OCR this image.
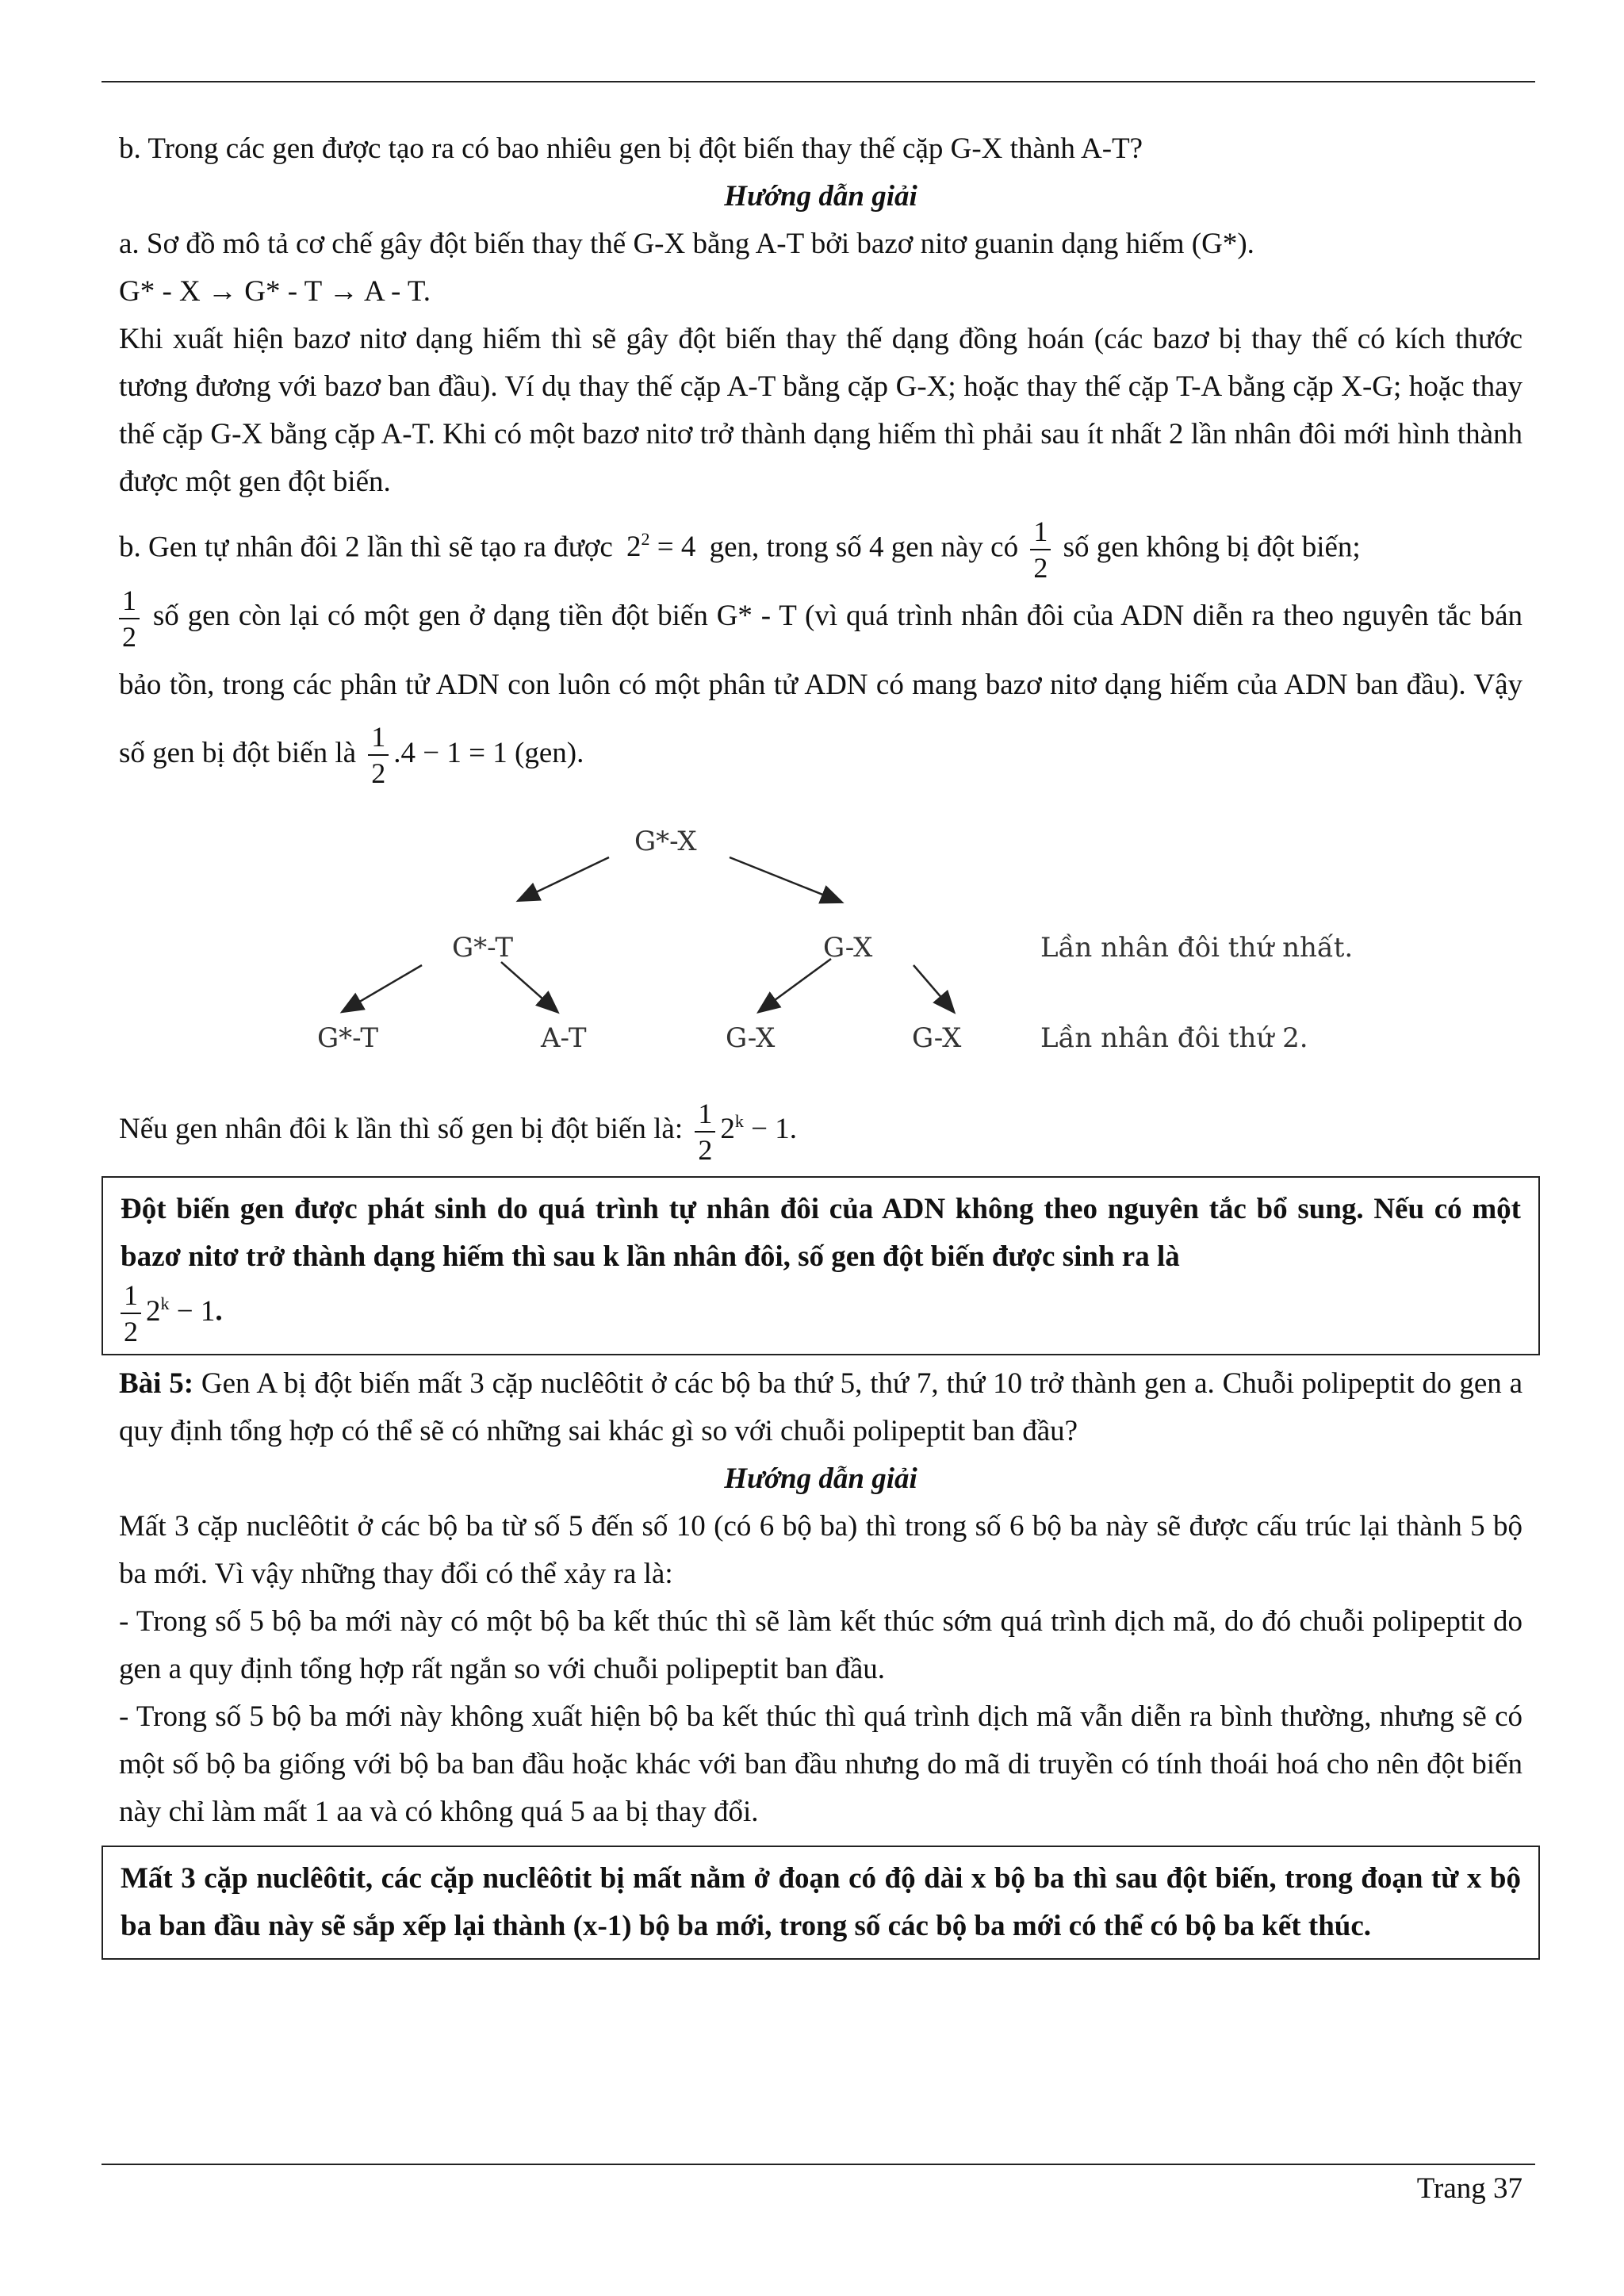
b. Trong các gen được tạo ra có bao nhiêu gen bị đột biến thay thế cặp G-X thành A-T?

Hướng dẫn giải

a. Sơ đồ mô tả cơ chế gây đột biến thay thế G-X bằng A-T bởi bazơ nitơ guanin dạng hiếm (G*).

G* - X → G* - T → A - T.

Khi xuất hiện bazơ nitơ dạng hiếm thì sẽ gây đột biến thay thế dạng đồng hoán (các bazơ bị thay thế có kích thước tương đương với bazơ ban đầu). Ví dụ thay thế cặp A-T bằng cặp G-X; hoặc thay thế cặp T-A bằng cặp X-G; hoặc thay thế cặp G-X bằng cặp A-T. Khi có một bazơ nitơ trở thành dạng hiếm thì phải sau ít nhất 2 lần nhân đôi mới hình thành được một gen đột biến.

b. Gen tự nhân đôi 2 lần thì sẽ tạo ra được $2^2 = 4$ gen, trong số 4 gen này có $\frac{1}{2}$ số gen không bị đột biến;

$\frac{1}{2}$ số gen còn lại có một gen ở dạng tiền đột biến G* - T (vì quá trình nhân đôi của ADN diễn ra theo nguyên tắc bán bảo tồn, trong các phân tử ADN con luôn có một phân tử ADN có mang bazơ nitơ dạng hiếm của ADN ban đầu). Vậy số gen bị đột biến là $\frac{1}{2} .4 - 1 = 1$ (gen).

G*-X
G*-T	G-X
G*-T	A-T	G-X	G-X
Lần nhân đôi thứ nhất.
Lần nhân đôi thứ 2.

Nếu gen nhân đôi k lần thì số gen bị đột biến là: $\frac{1}{2} 2^k - 1$.

Đột biến gen được phát sinh do quá trình tự nhân đôi của ADN không theo nguyên tắc bổ sung. Nếu có một bazơ nitơ trở thành dạng hiếm thì sau k lần nhân đôi, số gen đột biến được sinh ra là

$\frac{1}{2} 2^k - 1$.

Bài 5: Gen A bị đột biến mất 3 cặp nuclêôtit ở các bộ ba thứ 5, thứ 7, thứ 10 trở thành gen a. Chuỗi polipeptit do gen a quy định tổng hợp có thể sẽ có những sai khác gì so với chuỗi polipeptit ban đầu?

Hướng dẫn giải

Mất 3 cặp nuclêôtit ở các bộ ba từ số 5 đến số 10 (có 6 bộ ba) thì trong số 6 bộ ba này sẽ được cấu trúc lại thành 5 bộ ba mới. Vì vậy những thay đổi có thể xảy ra là:

- Trong số 5 bộ ba mới này có một bộ ba kết thúc thì sẽ làm kết thúc sớm quá trình dịch mã, do đó chuỗi polipeptit do gen a quy định tổng hợp rất ngắn so với chuỗi polipeptit ban đầu.

- Trong số 5 bộ ba mới này không xuất hiện bộ ba kết thúc thì quá trình dịch mã vẫn diễn ra bình thường, nhưng sẽ có một số bộ ba giống với bộ ba ban đầu hoặc khác với ban đầu nhưng do mã di truyền có tính thoái hoá cho nên đột biến này chỉ làm mất 1 aa và có không quá 5 aa bị thay đổi.

Mất 3 cặp nuclêôtit, các cặp nuclêôtit bị mất nằm ở đoạn có độ dài x bộ ba thì sau đột biến, trong đoạn từ x bộ ba ban đầu này sẽ sắp xếp lại thành (x-1) bộ ba mới, trong số các bộ ba mới có thể có bộ ba kết thúc.
Trang 37
